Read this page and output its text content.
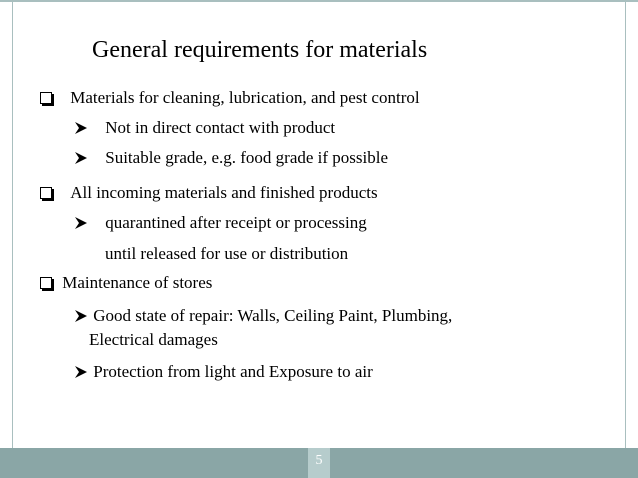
General requirements for materials
Materials for cleaning, lubrication, and pest control
Not in direct contact with product
Suitable grade, e.g. food grade if possible
All incoming materials and finished products
quarantined after receipt or processing
until released for use or distribution
Maintenance of stores
Good state of repair: Walls, Ceiling Paint, Plumbing,
Electrical damages
Protection from light and Exposure to air
5
